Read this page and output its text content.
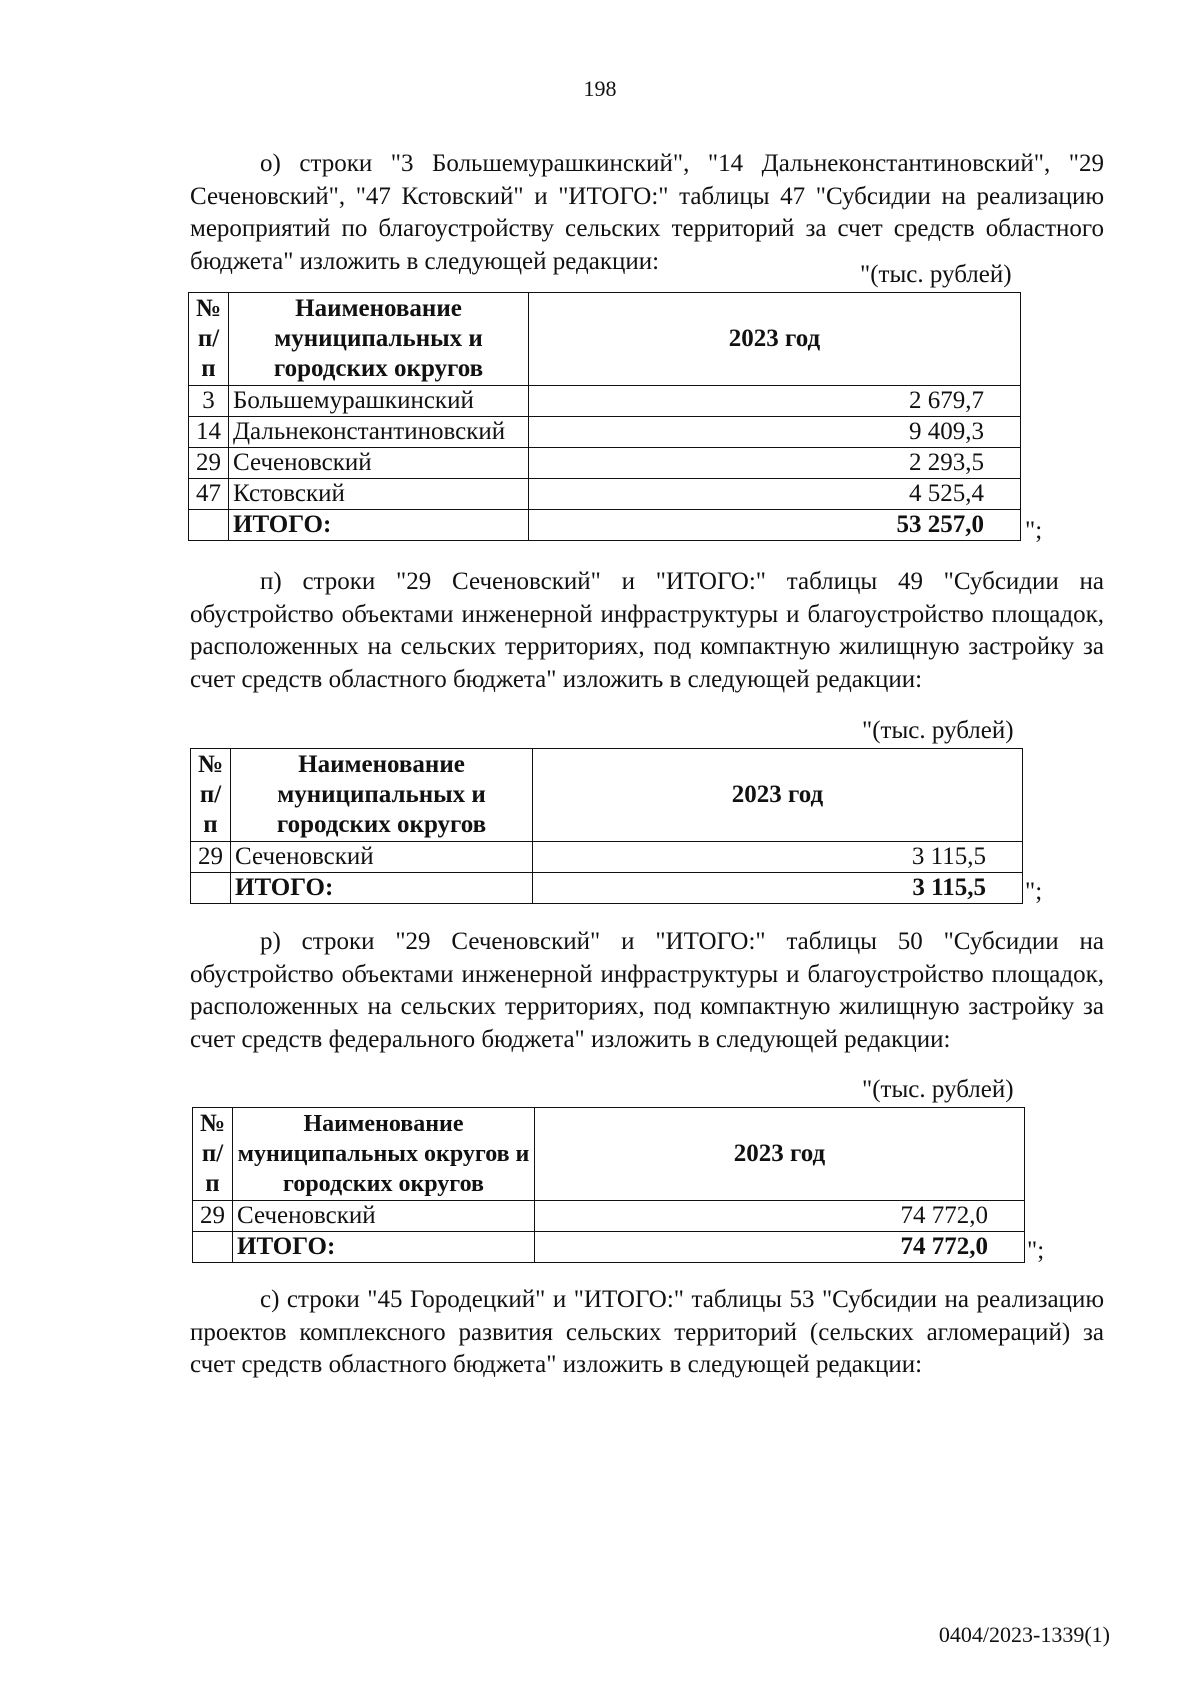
198

о) строки "3 Большемурашкинский", "14 Дальнеконстантиновский", "29 Сеченовский", "47 Кстовский" и "ИТОГО:" таблицы 47 "Субсидии на реализацию мероприятий по благоустройству сельских территорий за счет средств областного бюджета" изложить в следующей редакции:	"(тыс. рублей)
№ п/п	Наименование муниципальных и городских округов	2023 год
3	Большемурашкинский	2 679,7
14	Дальнеконстантиновский	9 409,3
29	Сеченовский	2 293,5
47	Кстовский	4 525,4
	ИТОГО:	53 257,0 ";

п) строки "29 Сеченовский" и "ИТОГО:" таблицы 49 "Субсидии на обустройство объектами инженерной инфраструктуры и благоустройство площадок, расположенных на сельских территориях, под компактную жилищную застройку за счет средств областного бюджета" изложить в следующей редакции:

"(тыс. рублей)
№ п/п	Наименование муниципальных и городских округов	2023 год
29	Сеченовский	3 115,5
	ИТОГО:	3 115,5 ";

р) строки "29 Сеченовский" и "ИТОГО:" таблицы 50 "Субсидии на обустройство объектами инженерной инфраструктуры и благоустройство площадок, расположенных на сельских территориях, под компактную жилищную застройку за счет средств федерального бюджета" изложить в следующей редакции:

"(тыс. рублей)
№ п/п	Наименование муниципальных округов и городских округов	2023 год
29	Сеченовский	74 772,0
	ИТОГО:	74 772,0 ";

с) строки "45 Городецкий" и "ИТОГО:" таблицы 53 "Субсидии на реализацию проектов комплексного развития сельских территорий (сельских агломераций) за счет средств областного бюджета" изложить в следующей редакции:

0404/2023-1339(1)
